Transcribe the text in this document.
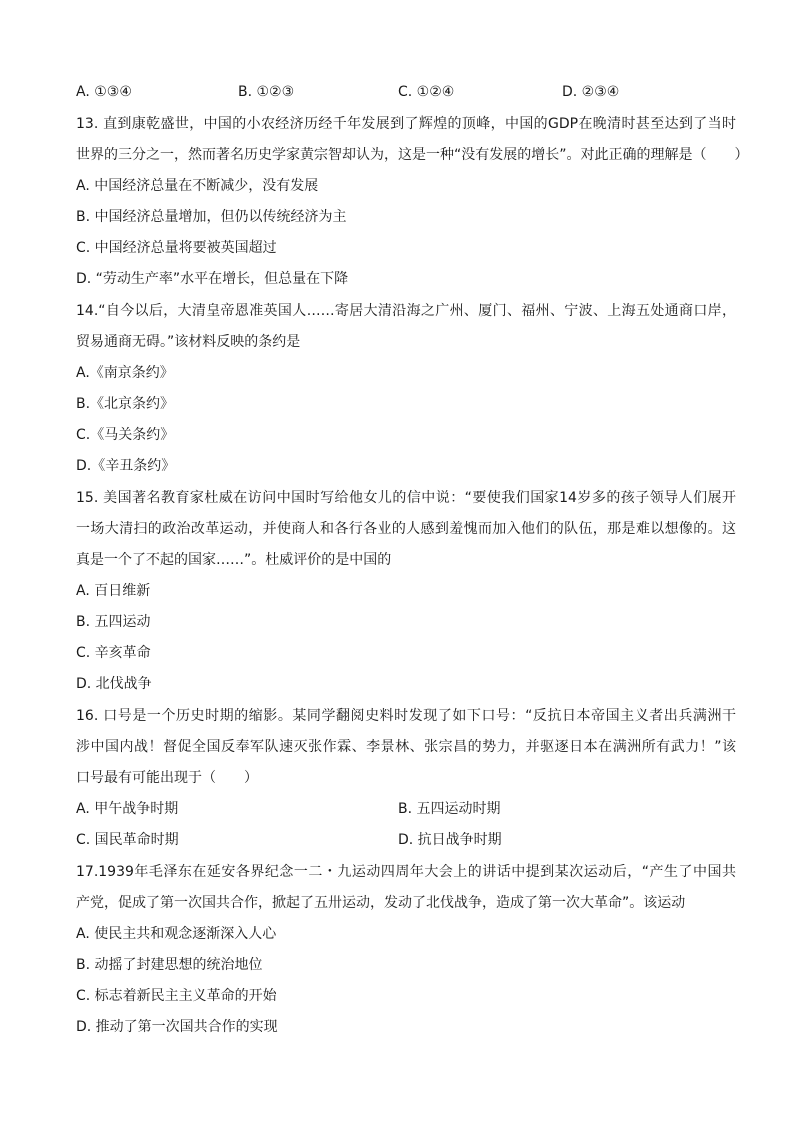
A. ①③④	B. ①②③	C. ①②④	D. ②③④
13. 直到康乾盛世，中国的小农经济历经千年发展到了辉煌的顶峰，中国的GDP在晚清时甚至达到了当时
世界的三分之一，然而著名历史学家黄宗智却认为，这是一种“没有发展的增长”。对此正确的理解是（　　）
A. 中国经济总量在不断减少，没有发展
B. 中国经济总量增加，但仍以传统经济为主
C. 中国经济总量将要被英国超过
D. “劳动生产率”水平在增长，但总量在下降
14.“自今以后，大清皇帝恩准英国人……寄居大清沿海之广州、厦门、福州、宁波、上海五处通商口岸，
贸易通商无碍。”该材料反映的条约是
A.《南京条约》
B.《北京条约》
C.《马关条约》
D.《辛丑条约》
15. 美国著名教育家杜威在访问中国时写给他女儿的信中说：“要使我们国家14岁多的孩子领导人们展开
一场大清扫的政治改革运动，并使商人和各行各业的人感到羞愧而加入他们的队伍，那是难以想像的。这
真是一个了不起的国家……”。杜威评价的是中国的
A. 百日维新
B. 五四运动
C. 辛亥革命
D. 北伐战争
16. 口号是一个历史时期的缩影。某同学翻阅史料时发现了如下口号：“反抗日本帝国主义者出兵满洲干
涉中国内战！督促全国反奉军队速灭张作霖、李景林、张宗昌的势力，并驱逐日本在满洲所有武力！”该
口号最有可能出现于（　　）
A. 甲午战争时期	B. 五四运动时期
C. 国民革命时期	D. 抗日战争时期
17.1939年毛泽东在延安各界纪念一二・九运动四周年大会上的讲话中提到某次运动后，“产生了中国共
产党，促成了第一次国共合作，掀起了五卅运动，发动了北伐战争，造成了第一次大革命”。该运动
A. 使民主共和观念逐渐深入人心
B. 动摇了封建思想的统治地位
C. 标志着新民主主义革命的开始
D. 推动了第一次国共合作的实现
